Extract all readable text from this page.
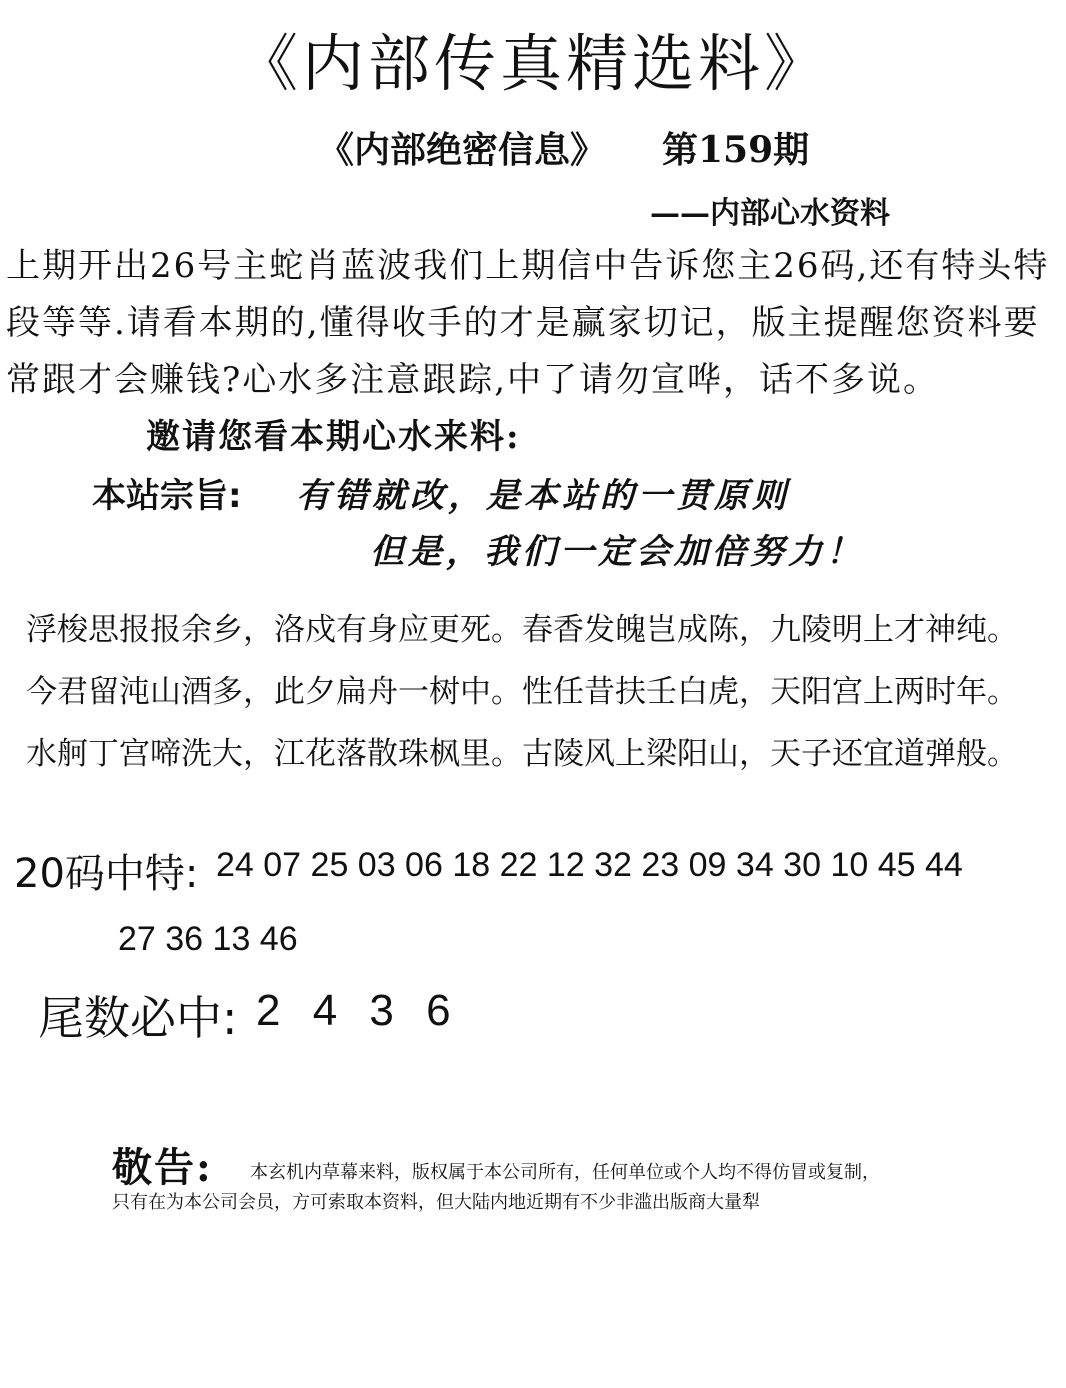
《内部传真精选料》
《内部绝密信息》 第159期
——内部心水资料
上期开出26号主蛇肖蓝波我们上期信中告诉您主26码,还有特头特段等等.请看本期的,懂得收手的才是赢家切记，版主提醒您资料要常跟才会赚钱?心水多注意跟踪,中了请勿宣哗，话不多说。邀请您看本期心水来料:
本站宗旨: 有错就改，是本站的一贯原则
但是，我们一定会加倍努力！
浮梭思报报余乡，洛戍有身应更死。春香发魄岂成陈，九陵明上才神纯。
今君留沌山酒多，此夕扁舟一树中。性任昔扶壬白虎，天阳宫上两时年。
水舸丁宫啼洗大，江花落散珠枫里。古陵风上梁阳山，天子还宜道弹般。
20码中特: 24 07 25 03 06 18 22 12 32 23 09 34 30 10 45 44
27 36 13 46
尾数必中: 2 4 3 6
敬告: 本玄机内草幕来料，版权属于本公司所有，任何单位或个人均不得仿冒或复制，
只有在为本公司会员，方可索取本资料，但大陆内地近期有不少非滥出版商大量犁
